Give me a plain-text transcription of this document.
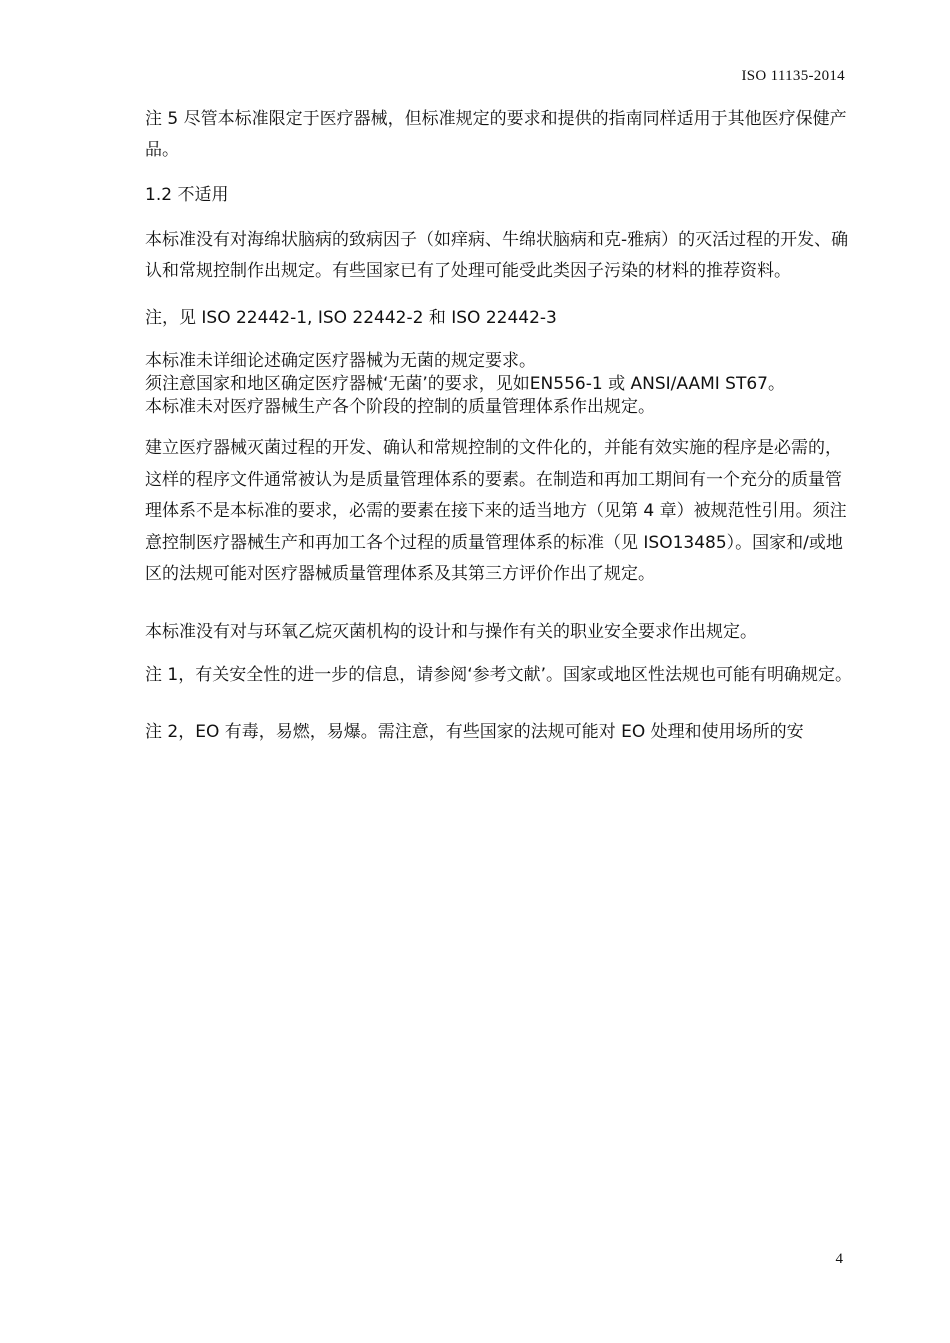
ISO 11135-2014

注 5 尽管本标准限定于医疗器械，但标准规定的要求和提供的指南同样适用于其他医疗保健产品。

1.2 不适用

本标准没有对海绵状脑病的致病因子（如痒病、牛绵状脑病和克-雅病）的灭活过程的开发、确认和常规控制作出规定。有些国家已有了处理可能受此类因子污染的材料的推荐资料。

注，见 ISO 22442-1, ISO 22442-2 和 ISO 22442-3

本标准未详细论述确定医疗器械为无菌的规定要求。

须注意国家和地区确定医疗器械‘无菌’的要求，见如EN556-1 或 ANSI/AAMI ST67。

本标准未对医疗器械生产各个阶段的控制的质量管理体系作出规定。

建立医疗器械灭菌过程的开发、确认和常规控制的文件化的，并能有效实施的程序是必需的，这样的程序文件通常被认为是质量管理体系的要素。在制造和再加工期间有一个充分的质量管理体系不是本标准的要求，必需的要素在接下来的适当地方（见第 4 章）被规范性引用。须注意控制医疗器械生产和再加工各个过程的质量管理体系的标准（见 ISO13485）。国家和/或地区的法规可能对医疗器械质量管理体系及其第三方评价作出了规定。

本标准没有对与环氧乙烷灭菌机构的设计和与操作有关的职业安全要求作出规定。

注 1，有关安全性的进一步的信息，请参阅‘参考文献’。国家或地区性法规也可能有明确规定。

注 2，EO 有毒，易燃，易爆。需注意，有些国家的法规可能对 EO 处理和使用场所的安

4
